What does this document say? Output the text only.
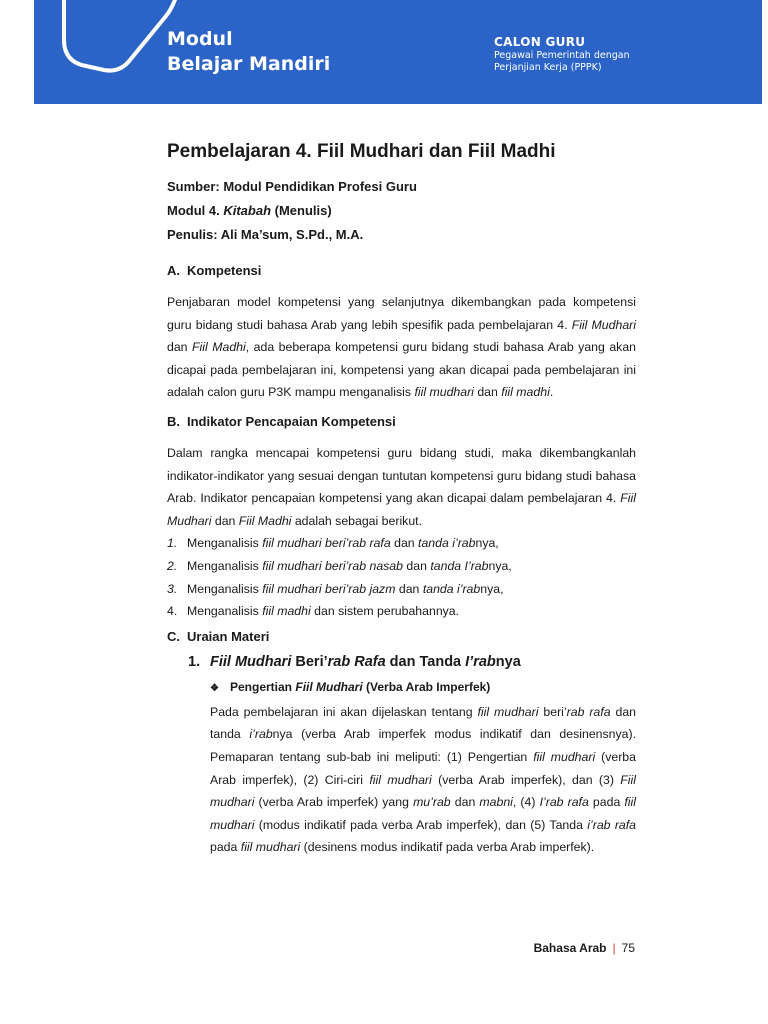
Modul
Belajar Mandiri
CALON GURU
Pegawai Pemerintah dengan
Perjanjian Kerja (PPPK)
Pembelajaran 4. Fiil Mudhari dan Fiil Madhi
Sumber: Modul Pendidikan Profesi Guru
Modul 4. Kitabah (Menulis)
Penulis: Ali Ma’sum, S.Pd., M.A.
A. Kompetensi

Penjabaran model kompetensi yang selanjutnya dikembangkan pada kompetensi guru bidang studi bahasa Arab yang lebih spesifik pada pembelajaran 4. Fiil Mudhari dan Fiil Madhi, ada beberapa kompetensi guru bidang studi bahasa Arab yang akan dicapai pada pembelajaran ini, kompetensi yang akan dicapai pada pembelajaran ini adalah calon guru P3K mampu menganalisis fiil mudhari dan fiil madhi.

B. Indikator Pencapaian Kompetensi

Dalam rangka mencapai kompetensi guru bidang studi, maka dikembangkanlah indikator-indikator yang sesuai dengan tuntutan kompetensi guru bidang studi bahasa Arab. Indikator pencapaian kompetensi yang akan dicapai dalam pembelajaran 4. Fiil Mudhari dan Fiil Madhi adalah sebagai berikut.

1. Menganalisis fiil mudhari beri’rab rafa dan tanda i’rabnya,
2. Menganalisis fiil mudhari beri’rab nasab dan tanda I’rabnya,
3. Menganalisis fiil mudhari beri’rab jazm dan tanda i’rabnya,
4. Menganalisis fiil madhi dan sistem perubahannya.
C. Uraian Materi
1. Fiil Mudhari Beri’rab Rafa dan Tanda I’rabnya
❖ Pengertian Fiil Mudhari (Verba Arab Imperfek)

Pada pembelajaran ini akan dijelaskan tentang fiil mudhari beri’rab rafa dan tanda i’rabnya (verba Arab imperfek modus indikatif dan desinensnya). Pemaparan tentang sub-bab ini meliputi: (1) Pengertian fiil mudhari (verba Arab imperfek), (2) Ciri-ciri fiil mudhari (verba Arab imperfek), dan (3) Fiil mudhari (verba Arab imperfek) yang mu’rab dan mabni, (4) I’rab rafa pada fiil mudhari (modus indikatif pada verba Arab imperfek), dan (5) Tanda i’rab rafa pada fiil mudhari (desinens modus indikatif pada verba Arab imperfek).

Bahasa Arab | 75
